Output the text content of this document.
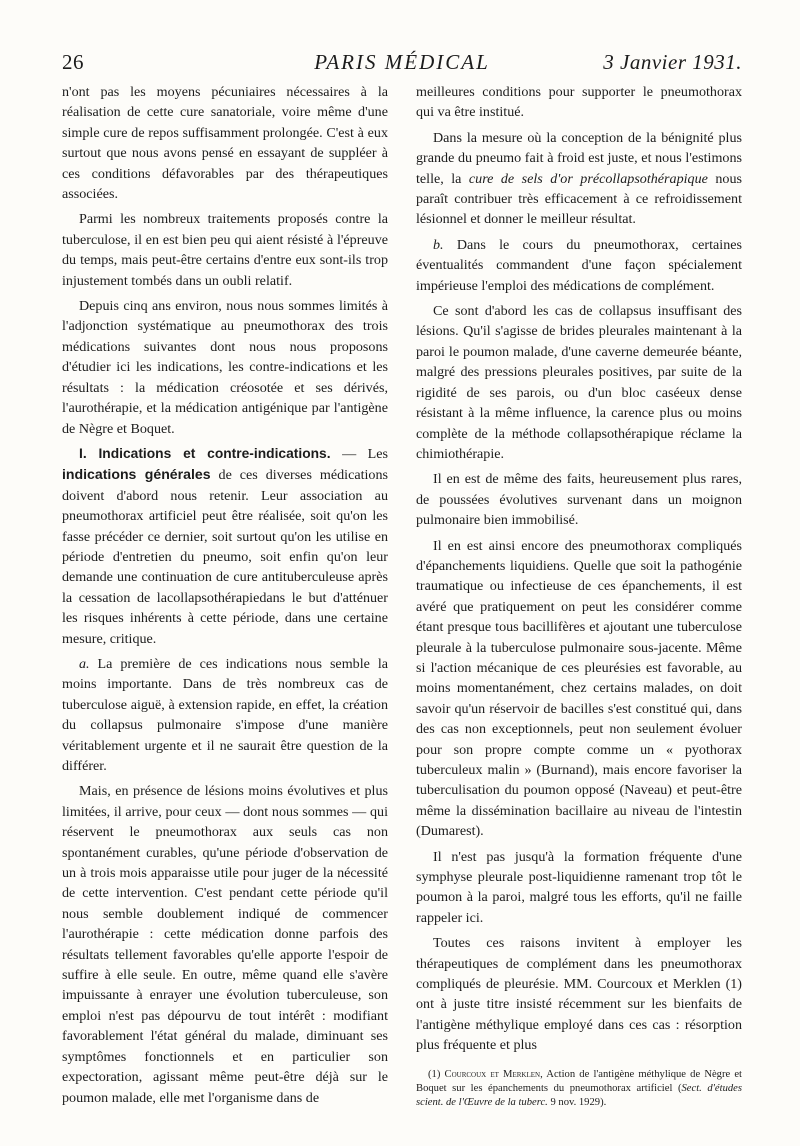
26	PARIS MÉDICAL	3 Janvier 1931.

n'ont pas les moyens pécuniaires nécessaires à la réalisation de cette cure sanatoriale, voire même d'une simple cure de repos suffisamment prolongée. C'est à eux surtout que nous avons pensé en essayant de suppléer à ces conditions défavorables par des thérapeutiques associées.

Parmi les nombreux traitements proposés contre la tuberculose, il en est bien peu qui aient résisté à l'épreuve du temps, mais peut-être certains d'entre eux sont-ils trop injustement tombés dans un oubli relatif.

Depuis cinq ans environ, nous nous sommes limités à l'adjonction systématique au pneumothorax des trois médications suivantes dont nous nous proposons d'étudier ici les indications, les contre-indications et les résultats : la médication créosotée et ses dérivés, l'aurothérapie, et la médication antigénique par l'antigène de Nègre et Boquet.

I. Indications et contre-indications. — Les indications générales de ces diverses médications doivent d'abord nous retenir. Leur association au pneumothorax artificiel peut être réalisée, soit qu'on les fasse précéder ce dernier, soit surtout qu'on les utilise en période d'entretien du pneumo, soit enfin qu'on leur demande une continuation de cure antituberculeuse après la cessation de lacollapsothérapiedans le but d'atténuer les risques inhérents à cette période, dans une certaine mesure, critique.

a. La première de ces indications nous semble la moins importante. Dans de très nombreux cas de tuberculose aiguë, à extension rapide, en effet, la création du collapsus pulmonaire s'impose d'une manière véritablement urgente et il ne saurait être question de la différer.

Mais, en présence de lésions moins évolutives et plus limitées, il arrive, pour ceux — dont nous sommes — qui réservent le pneumothorax aux seuls cas non spontanément curables, qu'une période d'observation de un à trois mois apparaisse utile pour juger de la nécessité de cette intervention. C'est pendant cette période qu'il nous semble doublement indiqué de commencer l'aurothérapie : cette médication donne parfois des résultats tellement favorables qu'elle apporte l'espoir de suffire à elle seule. En outre, même quand elle s'avère impuissante à enrayer une évolution tuberculeuse, son emploi n'est pas dépourvu de tout intérêt : modifiant favorablement l'état général du malade, diminuant ses symptômes fonctionnels et en particulier son expectoration, agissant même peut-être déjà sur le poumon malade, elle met l'organisme dans de

meilleures conditions pour supporter le pneumothorax qui va être institué.

Dans la mesure où la conception de la bénignité plus grande du pneumo fait à froid est juste, et nous l'estimons telle, la cure de sels d'or précollapsothérapique nous paraît contribuer très efficacement à ce refroidissement lésionnel et donner le meilleur résultat.

b. Dans le cours du pneumothorax, certaines éventualités commandent d'une façon spécialement impérieuse l'emploi des médications de complément.

Ce sont d'abord les cas de collapsus insuffisant des lésions. Qu'il s'agisse de brides pleurales maintenant à la paroi le poumon malade, d'une caverne demeurée béante, malgré des pressions pleurales positives, par suite de la rigidité de ses parois, ou d'un bloc caséeux dense résistant à la même influence, la carence plus ou moins complète de la méthode collapsothérapique réclame la chimiothérapie.

Il en est de même des faits, heureusement plus rares, de poussées évolutives survenant dans un moignon pulmonaire bien immobilisé.

Il en est ainsi encore des pneumothorax compliqués d'épanchements liquidiens. Quelle que soit la pathogénie traumatique ou infectieuse de ces épanchements, il est avéré que pratiquement on peut les considérer comme étant presque tous bacillifères et ajoutant une tuberculose pleurale à la tuberculose pulmonaire sous-jacente. Même si l'action mécanique de ces pleurésies est favorable, au moins momentanément, chez certains malades, on doit savoir qu'un réservoir de bacilles s'est constitué qui, dans des cas non exceptionnels, peut non seulement évoluer pour son propre compte comme un « pyothorax tuberculeux malin » (Burnand), mais encore favoriser la tuberculisation du poumon opposé (Naveau) et peut-être même la dissémination bacillaire au niveau de l'intestin (Dumarest).

Il n'est pas jusqu'à la formation fréquente d'une symphyse pleurale post-liquidienne ramenant trop tôt le poumon à la paroi, malgré tous les efforts, qu'il ne faille rappeler ici.

Toutes ces raisons invitent à employer les thérapeutiques de complément dans les pneumothorax compliqués de pleurésie. MM. Courcoux et Merklen (1) ont à juste titre insisté récemment sur les bienfaits de l'antigène méthylique employé dans ces cas : résorption plus fréquente et plus

(1) Courcoux et Merklen, Action de l'antigène méthylique de Nègre et Boquet sur les épanchements du pneumothorax artificiel (Sect. d'études scient. de l'Œuvre de la tuberc. 9 nov. 1929).
